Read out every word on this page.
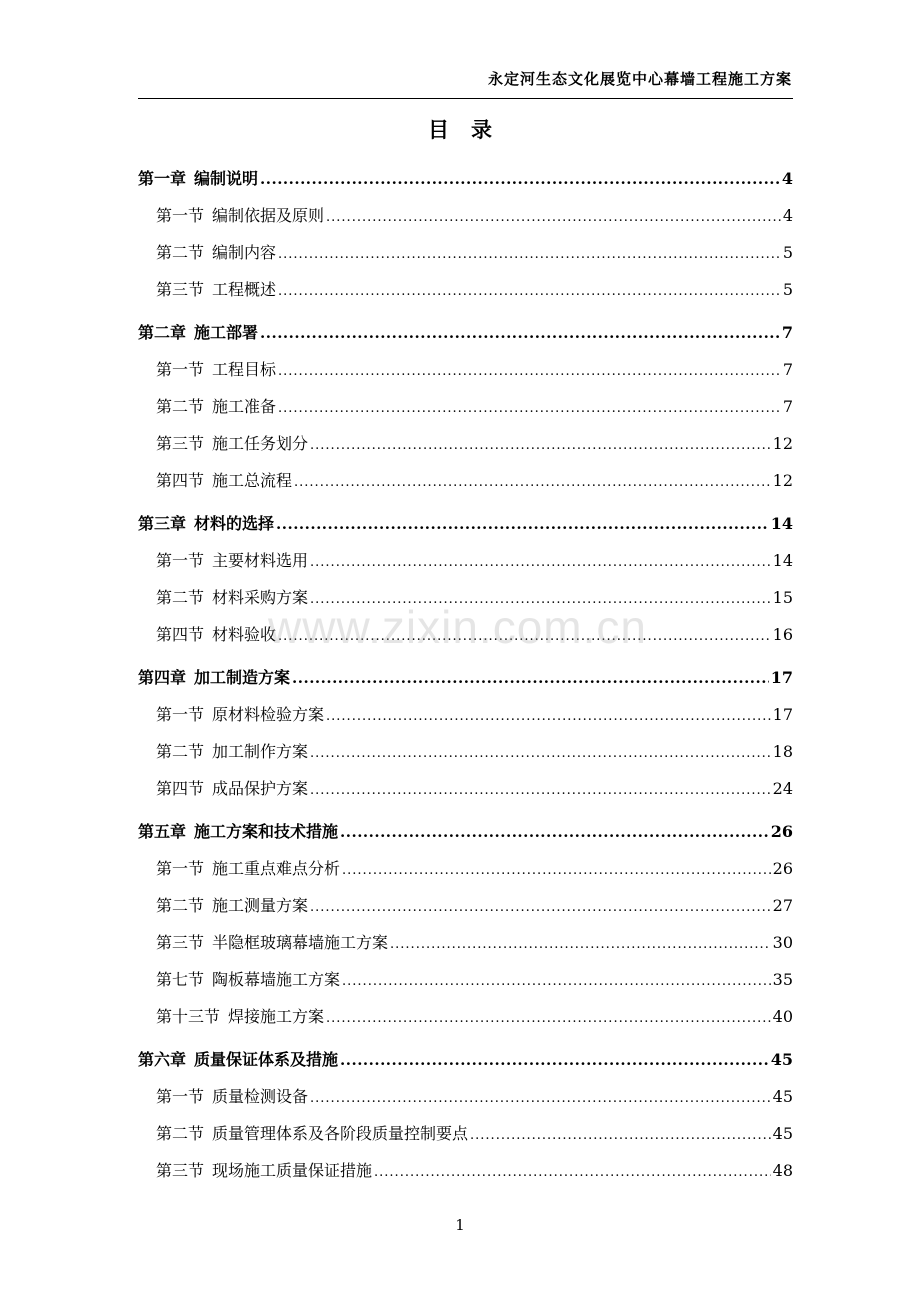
永定河生态文化展览中心幕墙工程施工方案
目 录
第一章 编制说明 .....	4
第一节 编制依据及原则 .....	4
第二节 编制内容 .....	5
第三节 工程概述 .....	5
第二章 施工部署 .....	7
第一节 工程目标 .....	7
第二节 施工准备 .....	7
第三节 施工任务划分 .....	12
第四节 施工总流程 .....	12
第三章 材料的选择 .....	14
第一节 主要材料选用 .....	14
第二节 材料采购方案 .....	15
第四节 材料验收 .....	16
第四章 加工制造方案 .....	17
第一节 原材料检验方案 .....	17
第二节 加工制作方案 .....	18
第四节 成品保护方案 .....	24
第五章 施工方案和技术措施 .....	26
第一节 施工重点难点分析 .....	26
第二节 施工测量方案 .....	27
第三节 半隐框玻璃幕墙施工方案 .....	30
第七节 陶板幕墙施工方案 .....	35
第十三节 焊接施工方案 .....	40
第六章 质量保证体系及措施 .....	45
第一节 质量检测设备 .....	45
第二节 质量管理体系及各阶段质量控制要点 .....	45
第三节 现场施工质量保证措施 .....	48
www.zixin.com.cn
1
